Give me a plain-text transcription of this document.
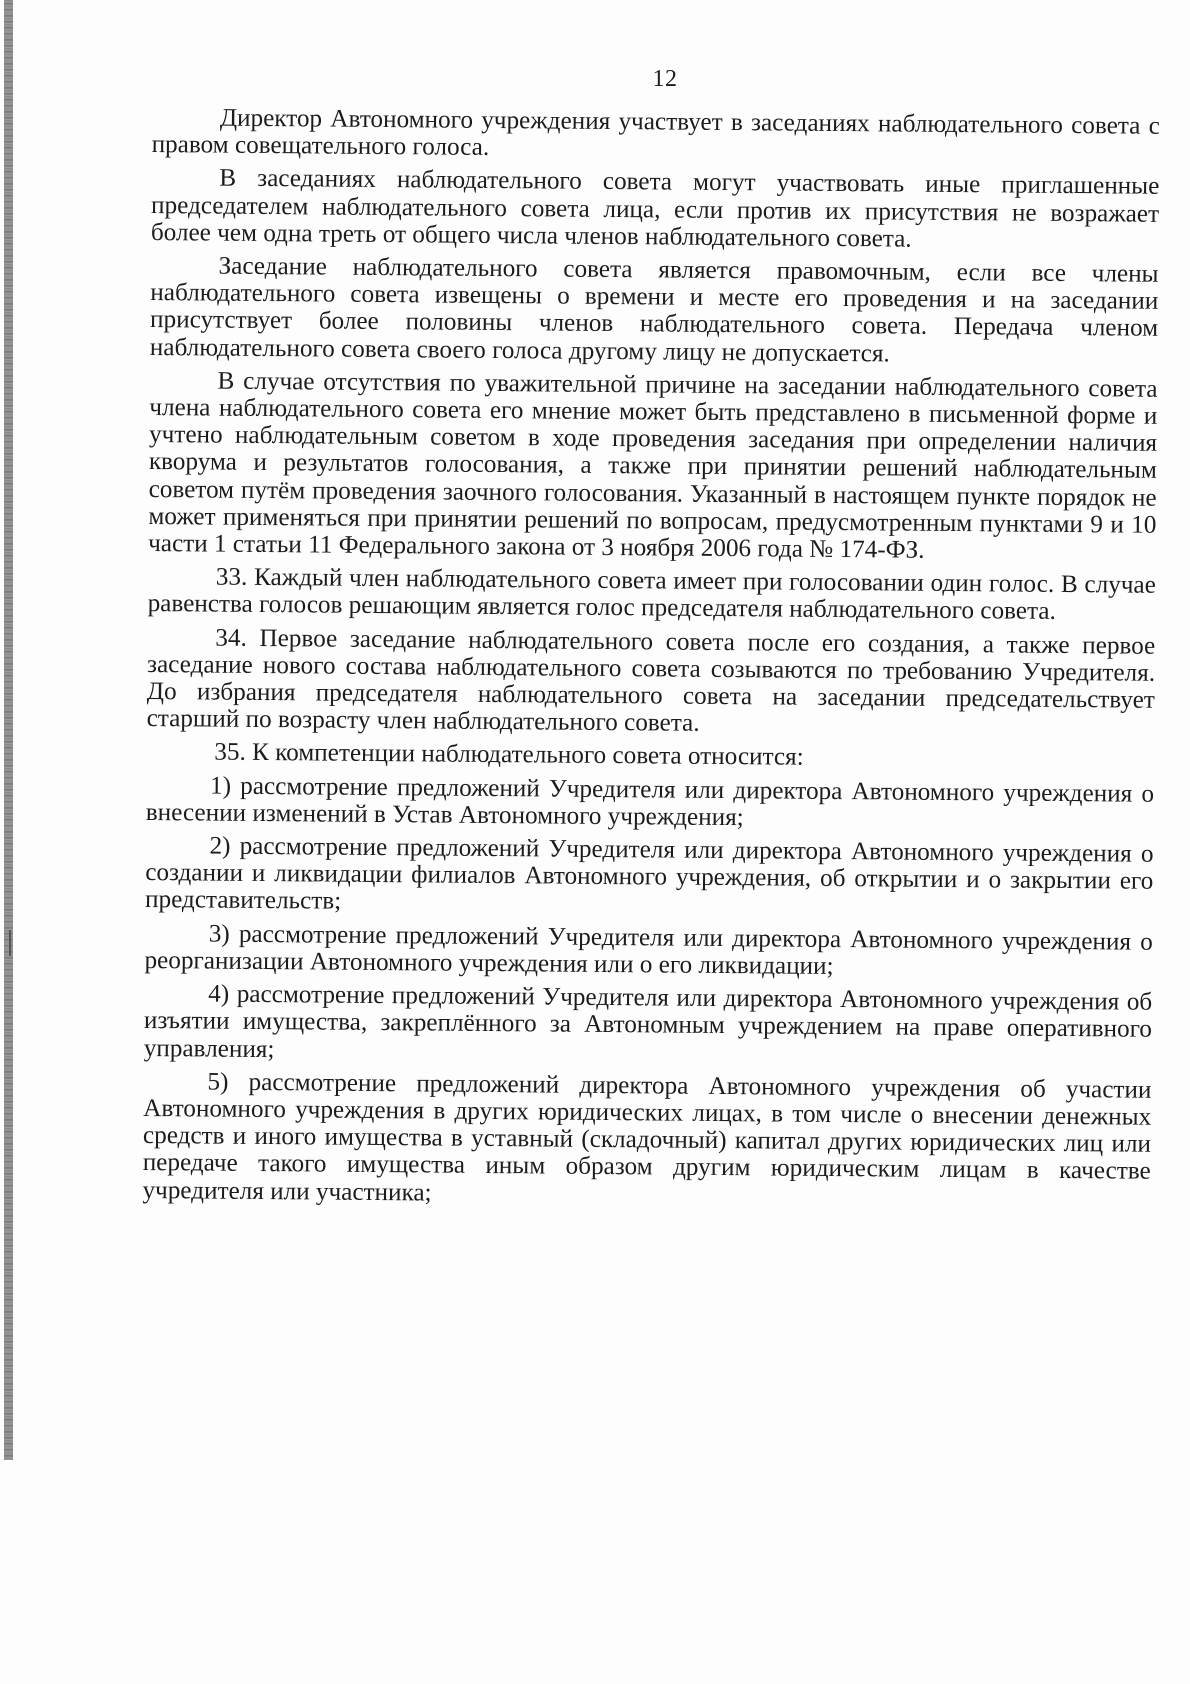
12

Директор Автономного учреждения участвует в заседаниях наблюдательного совета с правом совещательного голоса.

В заседаниях наблюдательного совета могут участвовать иные приглашенные председателем наблюдательного совета лица, если против их присутствия не возражает более чем одна треть от общего числа членов наблюдательного совета.

Заседание наблюдательного совета является правомочным, если все члены наблюдательного совета извещены о времени и месте его проведения и на заседании присутствует более половины членов наблюдательного совета. Передача членом наблюдательного совета своего голоса другому лицу не допускается.

В случае отсутствия по уважительной причине на заседании наблюдательного совета члена наблюдательного совета его мнение может быть представлено в письменной форме и учтено наблюдательным советом в ходе проведения заседания при определении наличия кворума и результатов голосования, а также при принятии решений наблюдательным советом путём проведения заочного голосования. Указанный в настоящем пункте порядок не может применяться при принятии решений по вопросам, предусмотренным пунктами 9 и 10 части 1 статьи 11 Федерального закона от 3 ноября 2006 года № 174-ФЗ.

33. Каждый член наблюдательного совета имеет при голосовании один голос. В случае равенства голосов решающим является голос председателя наблюдательного совета.

34. Первое заседание наблюдательного совета после его создания, а также первое заседание нового состава наблюдательного совета созываются по требованию Учредителя. До избрания председателя наблюдательного совета на заседании председательствует старший по возрасту член наблюдательного совета.

35. К компетенции наблюдательного совета относится:

1) рассмотрение предложений Учредителя или директора Автономного учреждения о внесении изменений в Устав Автономного учреждения;

2) рассмотрение предложений Учредителя или директора Автономного учреждения о создании и ликвидации филиалов Автономного учреждения, об открытии и о закрытии его представительств;

3) рассмотрение предложений Учредителя или директора Автономного учреждения о реорганизации Автономного учреждения или о его ликвидации;

4) рассмотрение предложений Учредителя или директора Автономного учреждения об изъятии имущества, закреплённого за Автономным учреждением на праве оперативного управления;

5) рассмотрение предложений директора Автономного учреждения об участии Автономного учреждения в других юридических лицах, в том числе о внесении денежных средств и иного имущества в уставный (складочный) капитал других юридических лиц или передаче такого имущества иным образом другим юридическим лицам в качестве учредителя или участника;
